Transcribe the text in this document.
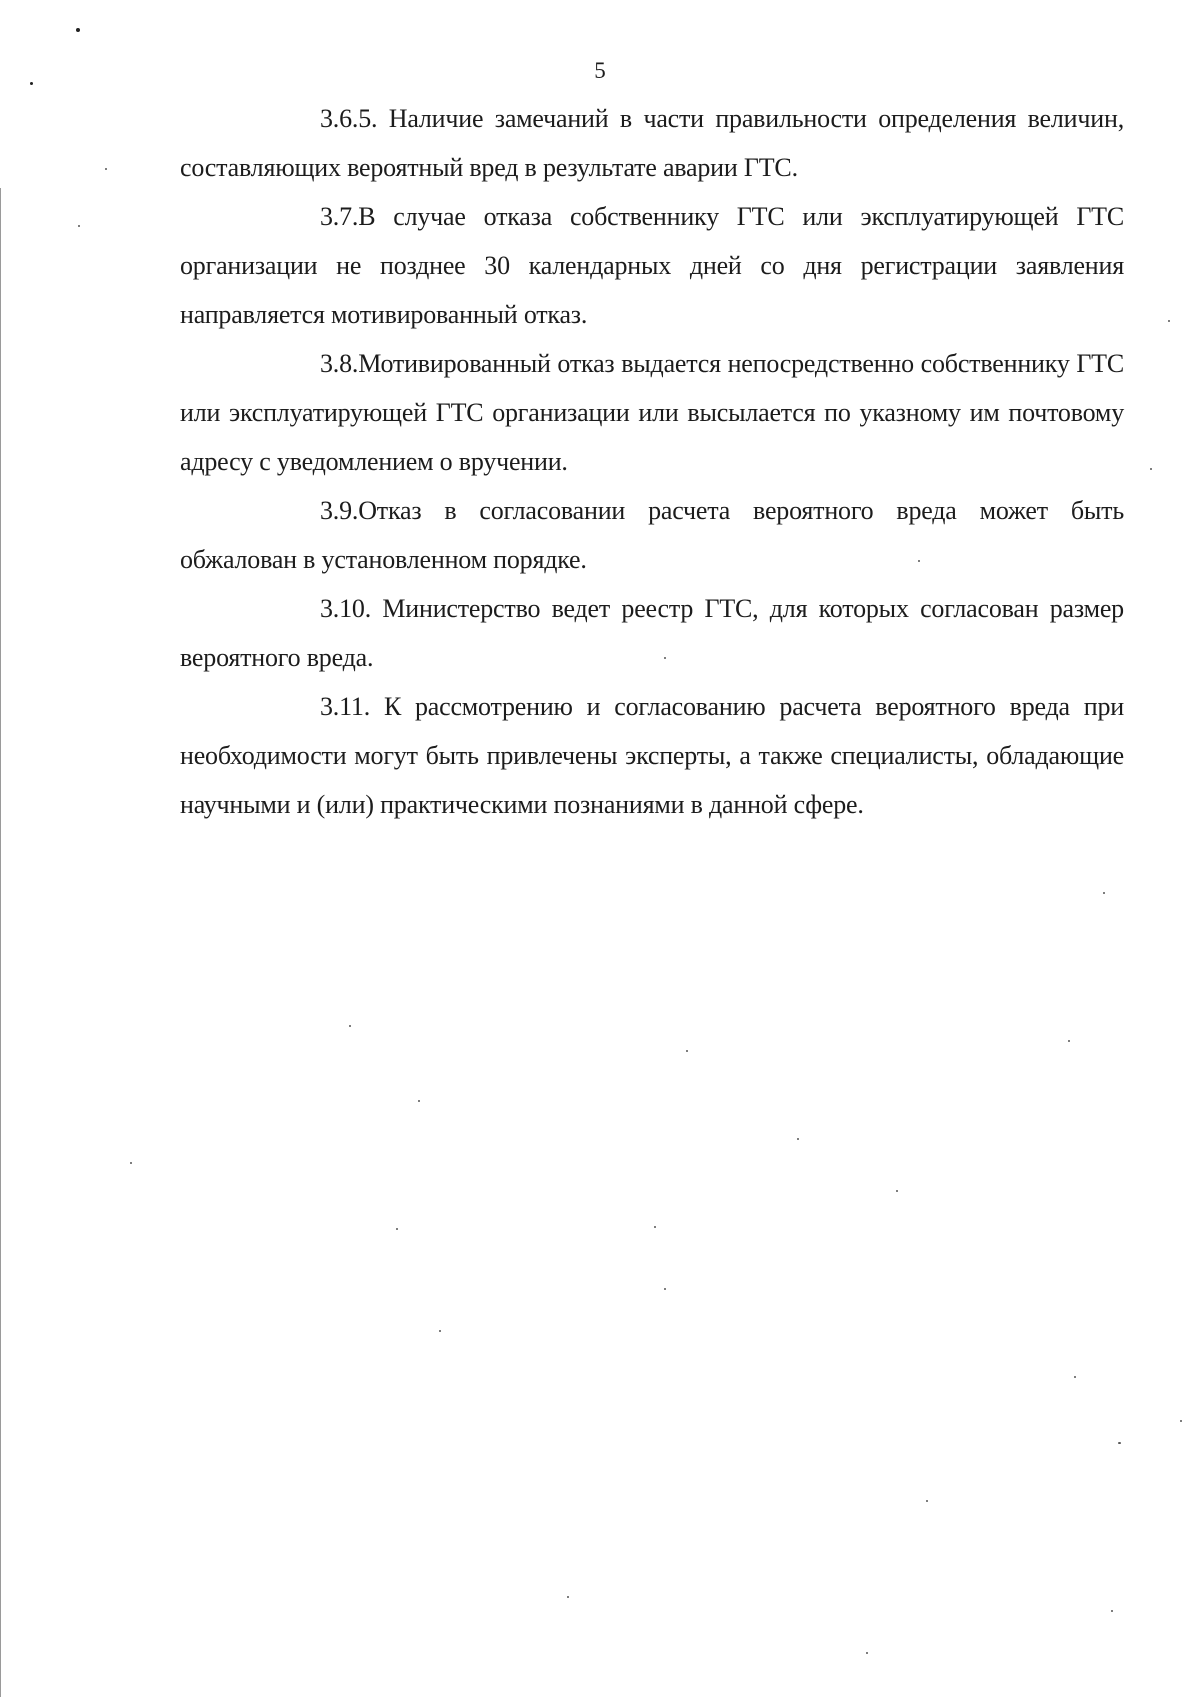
5

3.6.5. Наличие замечаний в части правильности определения величин, составляющих вероятный вред в результате аварии ГТС.

3.7.В случае отказа собственнику ГТС или эксплуатирующей ГТС организации не позднее 30 календарных дней со дня регистрации заявления направляется мотивированный отказ.

3.8.Мотивированный отказ выдается непосредственно собственнику ГТС или эксплуатирующей ГТС организации или высылается по указному им почтовому адресу с уведомлением о вручении.

3.9.Отказ в согласовании расчета вероятного вреда может быть обжалован в установленном порядке.

3.10. Министерство ведет реестр ГТС, для которых согласован размер вероятного вреда.

3.11. К рассмотрению и согласованию расчета вероятного вреда при необходимости могут быть привлечены эксперты, а также специалисты, обладающие научными и (или) практическими познаниями в данной сфере.
